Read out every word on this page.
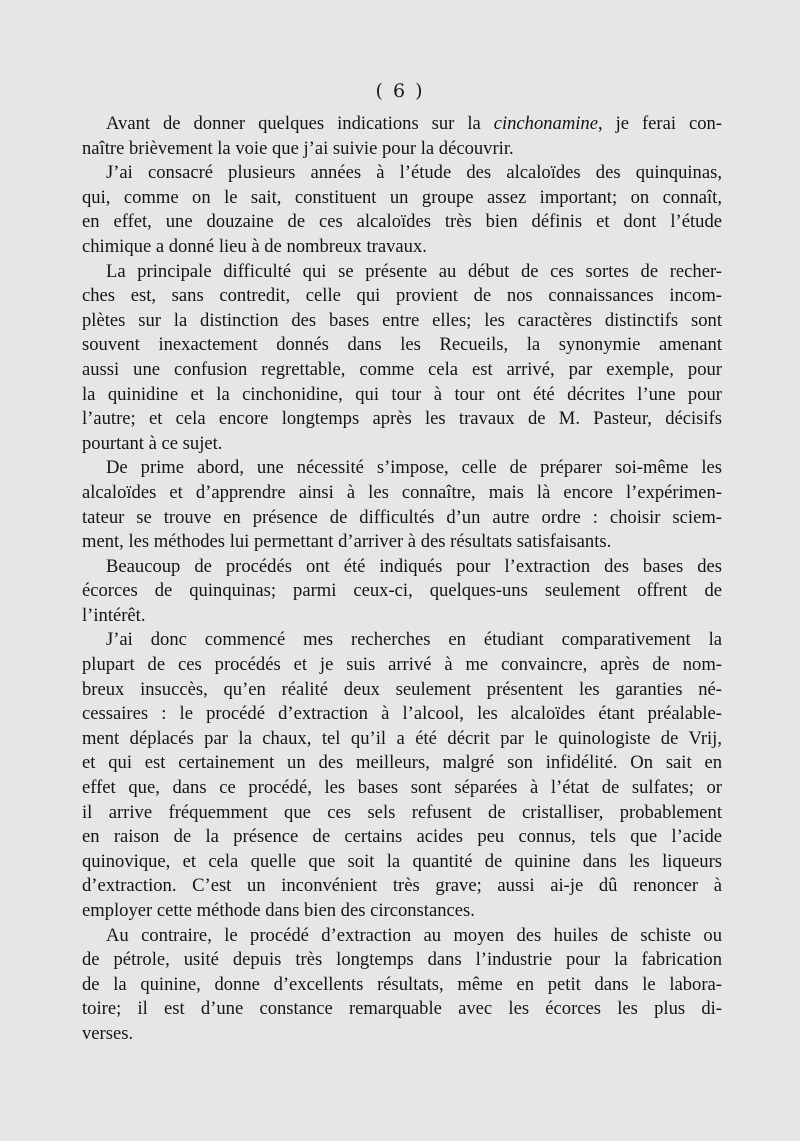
( 6 )
Avant de donner quelques indications sur la cinchonamine, je ferai con-
naître brièvement la voie que j’ai suivie pour la découvrir.
J’ai consacré plusieurs années à l’étude des alcaloïdes des quinquinas,
qui, comme on le sait, constituent un groupe assez important; on connaît,
en effet, une douzaine de ces alcaloïdes très bien définis et dont l’étude
chimique a donné lieu à de nombreux travaux.
La principale difficulté qui se présente au début de ces sortes de recher-
ches est, sans contredit, celle qui provient de nos connaissances incom-
plètes sur la distinction des bases entre elles; les caractères distinctifs sont
souvent inexactement donnés dans les Recueils, la synonymie amenant
aussi une confusion regrettable, comme cela est arrivé, par exemple, pour
la quinidine et la cinchonidine, qui tour à tour ont été décrites l’une pour
l’autre; et cela encore longtemps après les travaux de M. Pasteur, décisifs
pourtant à ce sujet.
De prime abord, une nécessité s’impose, celle de préparer soi-même les
alcaloïdes et d’apprendre ainsi à les connaître, mais là encore l’expérimen-
tateur se trouve en présence de difficultés d’un autre ordre : choisir sciem-
ment, les méthodes lui permettant d’arriver à des résultats satisfaisants.
Beaucoup de procédés ont été indiqués pour l’extraction des bases des
écorces de quinquinas; parmi ceux-ci, quelques-uns seulement offrent de
l’intérêt.
J’ai donc commencé mes recherches en étudiant comparativement la
plupart de ces procédés et je suis arrivé à me convaincre, après de nom-
breux insuccès, qu’en réalité deux seulement présentent les garanties né-
cessaires : le procédé d’extraction à l’alcool, les alcaloïdes étant préalable-
ment déplacés par la chaux, tel qu’il a été décrit par le quinologiste de Vrij,
et qui est certainement un des meilleurs, malgré son infidélité. On sait en
effet que, dans ce procédé, les bases sont séparées à l’état de sulfates; or
il arrive fréquemment que ces sels refusent de cristalliser, probablement
en raison de la présence de certains acides peu connus, tels que l’acide
quinovique, et cela quelle que soit la quantité de quinine dans les liqueurs
d’extraction. C’est un inconvénient très grave; aussi ai-je dû renoncer à
employer cette méthode dans bien des circonstances.
Au contraire, le procédé d’extraction au moyen des huiles de schiste ou
de pétrole, usité depuis très longtemps dans l’industrie pour la fabrication
de la quinine, donne d’excellents résultats, même en petit dans le labora-
toire; il est d’une constance remarquable avec les écorces les plus di-
verses.
